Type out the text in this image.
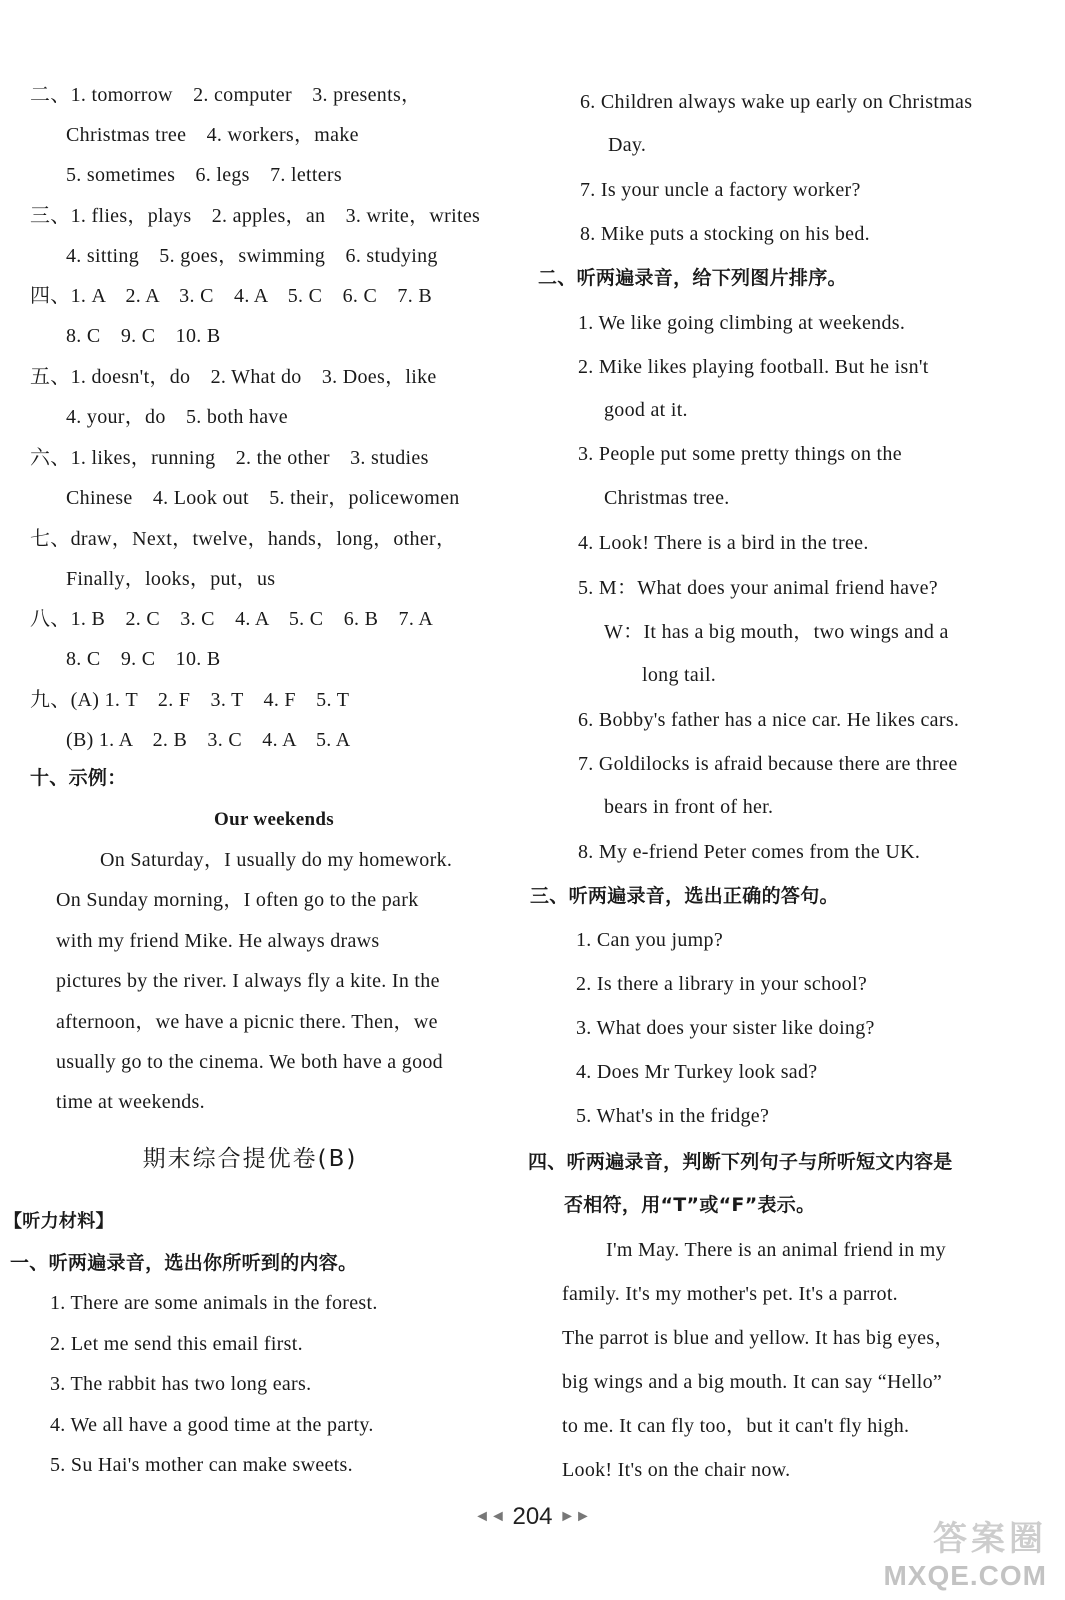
二、1. tomorrow　2. computer　3. presents，
Christmas tree　4. workers，make
5. sometimes　6. legs　7. letters
三、1. flies，plays　2. apples，an　3. write，writes
4. sitting　5. goes，swimming　6. studying
四、1. A　2. A　3. C　4. A　5. C　6. C　7. B
8. C　9. C　10. B
五、1. doesn't，do　2. What do　3. Does，like
4. your，do　5. both have
六、1. likes，running　2. the other　3. studies
Chinese　4. Look out　5. their，policewomen
七、draw，Next，twelve，hands，long，other，
Finally，looks，put，us
八、1. B　2. C　3. C　4. A　5. C　6. B　7. A
8. C　9. C　10. B
九、(A) 1. T　2. F　3. T　4. F　5. T
(B) 1. A　2. B　3. C　4. A　5. A
十、示例：
Our weekends
On Saturday，I usually do my homework.
On Sunday morning，I often go to the park
with my friend Mike. He always draws
pictures by the river. I always fly a kite. In the
afternoon，we have a picnic there. Then，we
usually go to the cinema. We both have a good
time at weekends.
期末综合提优卷(B)
【听力材料】
一、听两遍录音，选出你所听到的内容。
1. There are some animals in the forest.
2. Let me send this email first.
3. The rabbit has two long ears.
4. We all have a good time at the party.
5. Su Hai's mother can make sweets.
6. Children always wake up early on Christmas
Day.
7. Is your uncle a factory worker?
8. Mike puts a stocking on his bed.
二、听两遍录音，给下列图片排序。
1. We like going climbing at weekends.
2. Mike likes playing football. But he isn't
good at it.
3. People put some pretty things on the
Christmas tree.
4. Look! There is a bird in the tree.
5. M：What does your animal friend have?
W：It has a big mouth，two wings and a
long tail.
6. Bobby's father has a nice car. He likes cars.
7. Goldilocks is afraid because there are three
bears in front of her.
8. My e-friend Peter comes from the UK.
三、听两遍录音，选出正确的答句。
1. Can you jump?
2. Is there a library in your school?
3. What does your sister like doing?
4. Does Mr Turkey look sad?
5. What's in the fridge?
四、听两遍录音，判断下列句子与所听短文内容是
否相符，用“T”或“F”表示。
I'm May. There is an animal friend in my
family. It's my mother's pet. It's a parrot.
The parrot is blue and yellow. It has big eyes，
big wings and a big mouth. It can say “Hello”
to me. It can fly too，but it can't fly high.
Look! It's on the chair now.
◄◄ 204 ►►
答案圈
MXQE.COM
